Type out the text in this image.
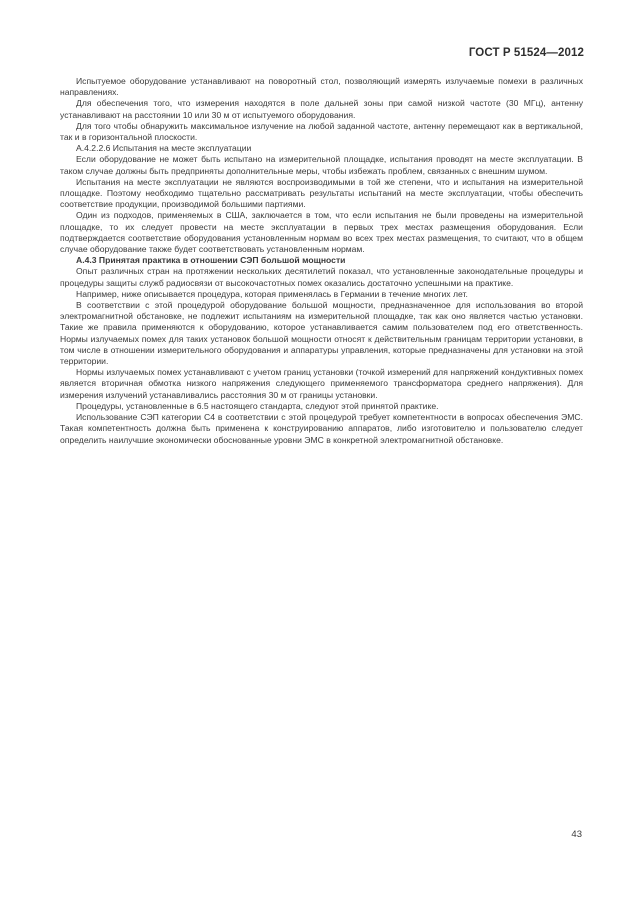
ГОСТ Р 51524—2012

Испытуемое оборудование устанавливают на поворотный стол, позволяющий измерять излучаемые помехи в различных направлениях.

Для обеспечения того, что измерения находятся в поле дальней зоны при самой низкой частоте (30 МГц), антенну устанавливают на расстоянии 10 или 30 м от испытуемого оборудования.

Для того чтобы обнаружить максимальное излучение на любой заданной частоте, антенну перемещают как в вертикальной, так и в горизонтальной плоскости.

А.4.2.2.6 Испытания на месте эксплуатации

Если оборудование не может быть испытано на измерительной площадке, испытания проводят на месте эксплуатации. В таком случае должны быть предприняты дополнительные меры, чтобы избежать проблем, связанных с внешним шумом.

Испытания на месте эксплуатации не являются воспроизводимыми в той же степени, что и испытания на измерительной площадке. Поэтому необходимо тщательно рассматривать результаты испытаний на месте эксплуатации, чтобы обеспечить соответствие продукции, производимой большими партиями.

Один из подходов, применяемых в США, заключается в том, что если испытания не были проведены на измерительной площадке, то их следует провести на месте эксплуатации в первых трех местах размещения оборудования. Если подтверждается соответствие оборудования установленным нормам во всех трех местах размещения, то считают, что в общем случае оборудование также будет соответствовать установленным нормам.

А.4.3 Принятая практика в отношении СЭП большой мощности

Опыт различных стран на протяжении нескольких десятилетий показал, что установленные законодательные процедуры и процедуры защиты служб радиосвязи от высокочастотных помех оказались достаточно успешными на практике.

Например, ниже описывается процедура, которая применялась в Германии в течение многих лет.

В соответствии с этой процедурой оборудование большой мощности, предназначенное для использования во второй электромагнитной обстановке, не подлежит испытаниям на измерительной площадке, так как оно является частью установки. Такие же правила применяются к оборудованию, которое устанавливается самим пользователем под его ответственность. Нормы излучаемых помех для таких установок большой мощности относят к действительным границам территории установки, в том числе в отношении измерительного оборудования и аппаратуры управления, которые предназначены для установки на этой территории.

Нормы излучаемых помех устанавливают с учетом границ установки (точкой измерений для напряжений кондуктивных помех является вторичная обмотка низкого напряжения следующего применяемого трансформатора среднего напряжения). Для измерения излучений устанавливались расстояния 30 м от границы установки.

Процедуры, установленные в 6.5 настоящего стандарта, следуют этой принятой практике.

Использование СЭП категории С4 в соответствии с этой процедурой требует компетентности в вопросах обеспечения ЭМС. Такая компетентность должна быть применена к конструированию аппаратов, либо изготовителю и пользователю следует определить наилучшие экономически обоснованные уровни ЭМС в конкретной электромагнитной обстановке.

43
